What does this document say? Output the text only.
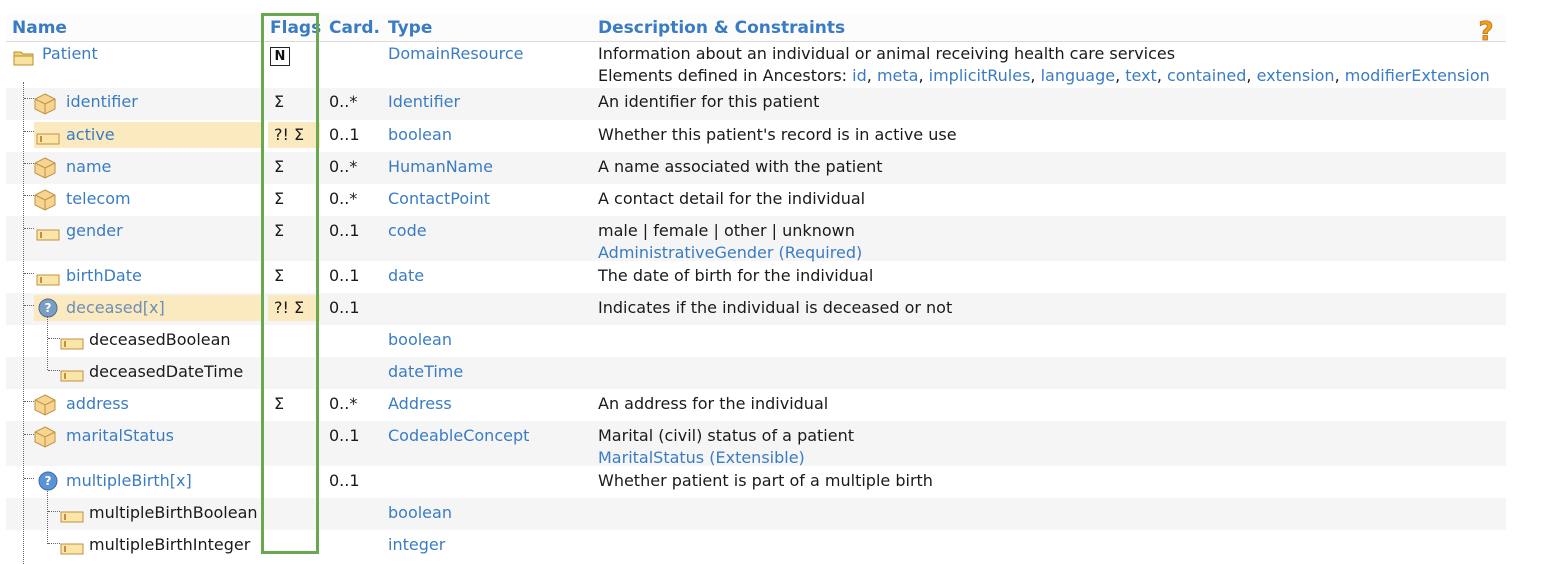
Name	Flags Card. Type	Description & Constraints
Patient	N	DomainResource	Information about an individual or animal receiving health care services
Elements defined in Ancestors: id, meta, implicitRules, language, text, contained, extension, modifierExtension
identifier	Σ	0..* Identifier	An identifier for this patient
active	?! Σ 0..1 boolean	Whether this patient's record is in active use
name	Σ	0..* HumanName	A name associated with the patient
telecom	Σ	0..* ContactPoint	A contact detail for the individual
gender	Σ	0..1 code	male | female | other | unknown
AdministrativeGender (Required)
birthDate	Σ	0..1 date	The date of birth for the individual
? deceased[x]	?! Σ 0..1	Indicates if the individual is deceased or not
deceasedBoolean	boolean
deceasedDateTime	dateTime
address	Σ	0..* Address	An address for the individual
maritalStatus	0..1 CodeableConcept	Marital (civil) status of a patient
MaritalStatus (Extensible)
? multipleBirth[x]	0..1	Whether patient is part of a multiple birth
multipleBirthBoolean	boolean
multipleBirthInteger	integer
?
